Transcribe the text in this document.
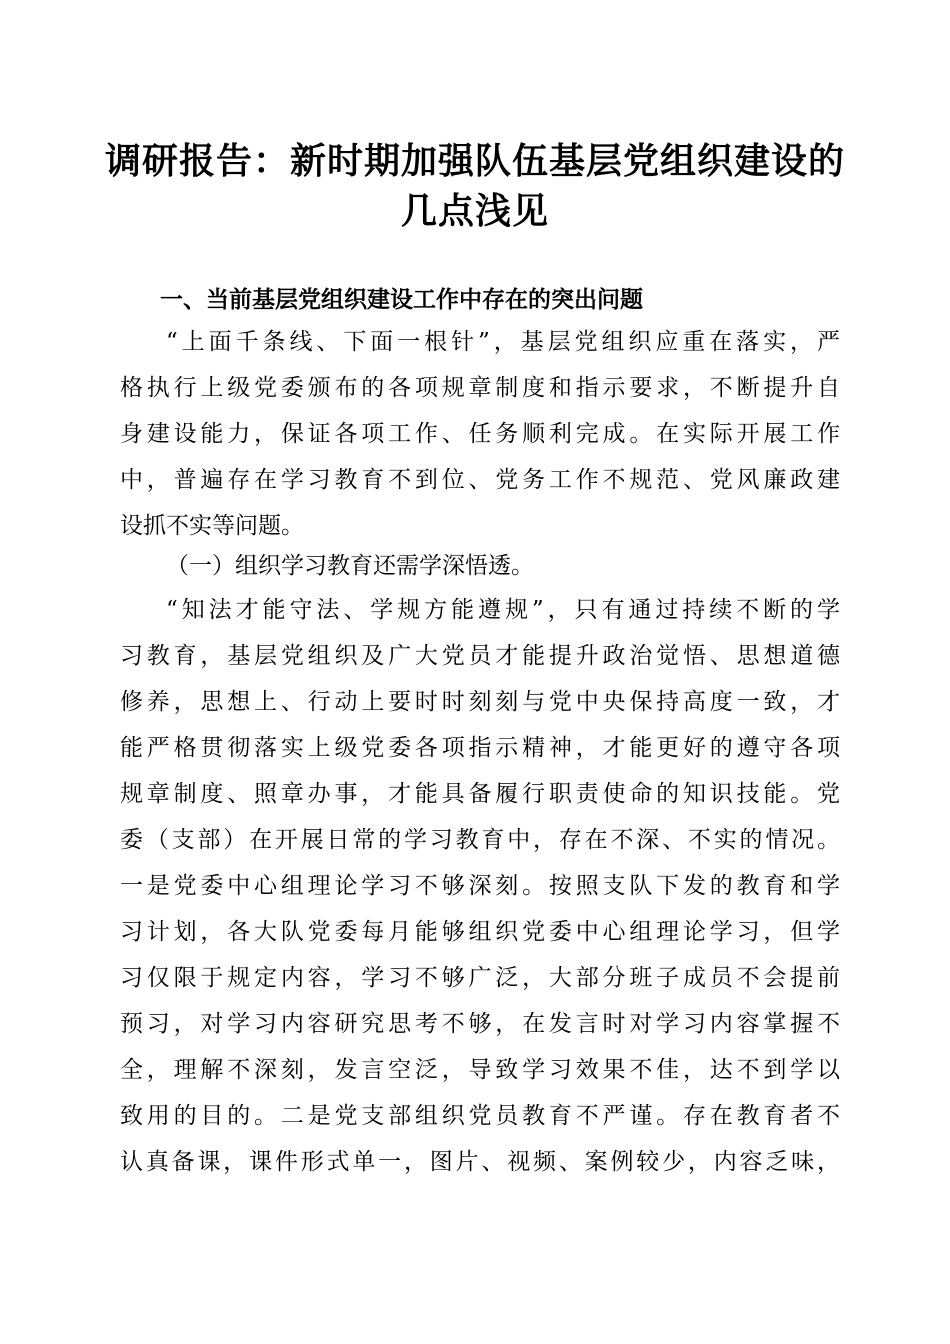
调研报告：新时期加强队伍基层党组织建设的
几点浅见
一、当前基层党组织建设工作中存在的突出问题

“上面千条线、下面一根针”，基层党组织应重在落实，严

格执行上级党委颁布的各项规章制度和指示要求，不断提升自

身建设能力，保证各项工作、任务顺利完成。在实际开展工作

中，普遍存在学习教育不到位、党务工作不规范、党风廉政建

设抓不实等问题。

（一）组织学习教育还需学深悟透。

“知法才能守法、学规方能遵规”，只有通过持续不断的学

习教育，基层党组织及广大党员才能提升政治觉悟、思想道德

修养，思想上、行动上要时时刻刻与党中央保持高度一致，才

能严格贯彻落实上级党委各项指示精神，才能更好的遵守各项

规章制度、照章办事，才能具备履行职责使命的知识技能。党

委（支部）在开展日常的学习教育中，存在不深、不实的情况。

一是党委中心组理论学习不够深刻。按照支队下发的教育和学

习计划，各大队党委每月能够组织党委中心组理论学习，但学

习仅限于规定内容，学习不够广泛，大部分班子成员不会提前

预习，对学习内容研究思考不够，在发言时对学习内容掌握不

全，理解不深刻，发言空泛，导致学习效果不佳，达不到学以

致用的目的。二是党支部组织党员教育不严谨。存在教育者不

认真备课，课件形式单一，图片、视频、案例较少，内容乏味，
